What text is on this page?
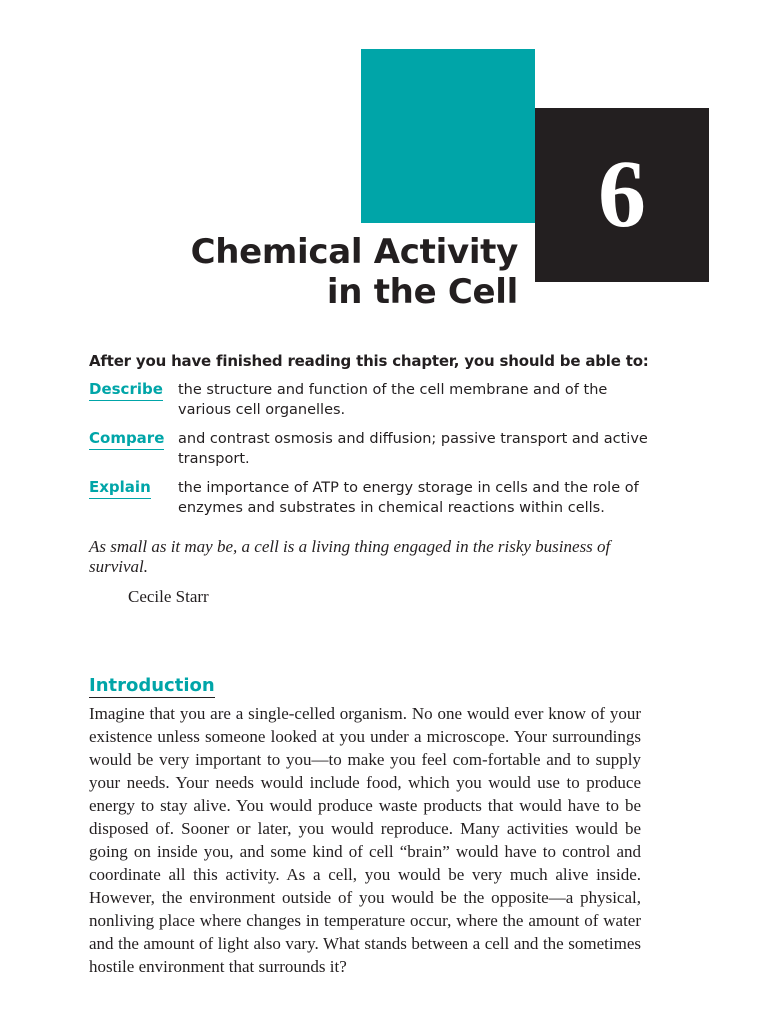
6
Chemical Activity
in the Cell
After you have finished reading this chapter, you should be able to:
Describe the structure and function of the cell membrane and of the various cell organelles.
Compare and contrast osmosis and diffusion; passive transport and active transport.
Explain the importance of ATP to energy storage in cells and the role of enzymes and substrates in chemical reactions within cells.
As small as it may be, a cell is a living thing engaged in the risky business of survival.
Cecile Starr
Introduction

Imagine that you are a single-celled organism. No one would ever know of your existence unless someone looked at you under a microscope. Your surroundings would be very important to you—to make you feel com-fortable and to supply your needs. Your needs would include food, which you would use to produce energy to stay alive. You would produce waste products that would have to be disposed of. Sooner or later, you would reproduce. Many activities would be going on inside you, and some kind of cell “brain” would have to control and coordinate all this activity. As a cell, you would be very much alive inside. However, the environment outside of you would be the opposite—a physical, nonliving place where changes in temperature occur, where the amount of water and the amount of light also vary. What stands between a cell and the sometimes hostile environment that surrounds it?
